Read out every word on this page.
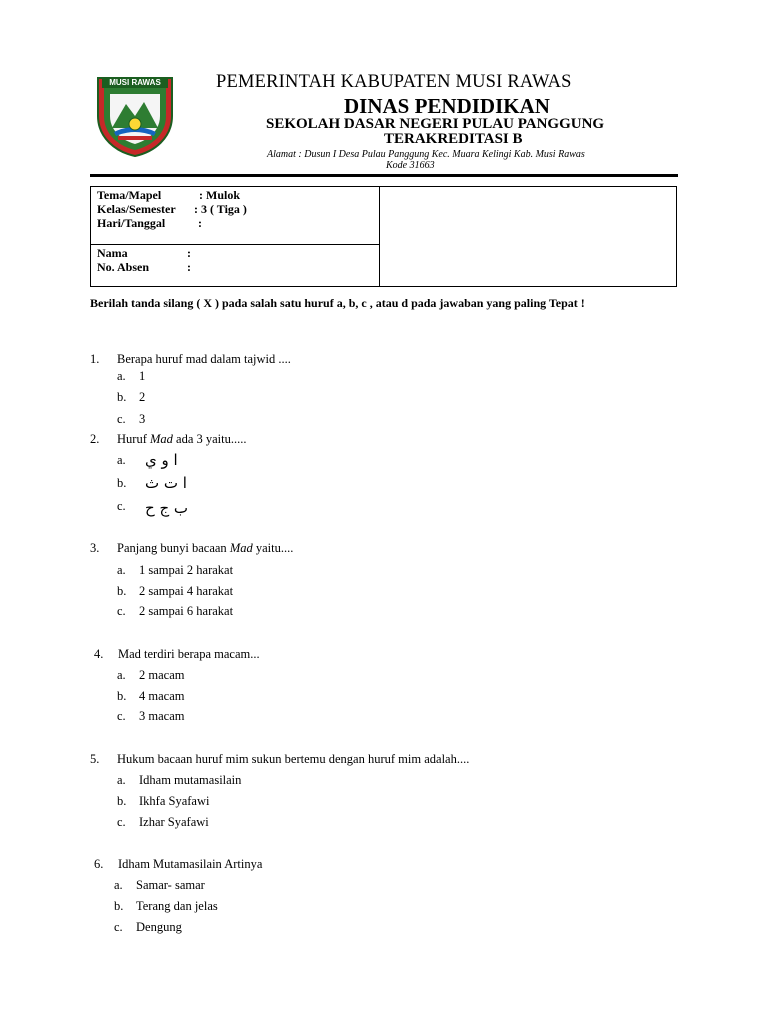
MUSI RAWAS	PEMERINTAH KABUPATEN MUSI RAWAS
DINAS PENDIDIKAN
SEKOLAH DASAR NEGERI PULAU PANGGUNG
TERAKREDITASI B
Alamat : Dusun I Desa Pulau Panggung Kec. Muara Kelingi Kab. Musi Rawas
Kode 31663
Tema/Mapel	: Mulok
Kelas/Semester : 3 ( Tiga )
Hari/Tanggal	:
Nama	:
No. Absen	:
Berilah tanda silang ( X ) pada salah satu huruf a, b, c , atau d pada jawaban yang paling Tepat !
1. Berapa huruf mad dalam tajwid ....
a. 1
b. 2
c. 3
2. Huruf Mad ada 3 yaitu.....
a. ا و ي
b. ا ت ث
c. ب ج ح
3. Panjang bunyi bacaan Mad yaitu....
a. 1 sampai 2 harakat
b. 2 sampai 4 harakat
c. 2 sampai 6 harakat
4. Mad terdiri berapa macam...
a. 2 macam
b. 4 macam
c. 3 macam
5. Hukum bacaan huruf mim sukun bertemu dengan huruf mim adalah....
a. Idham mutamasilain
b. Ikhfa Syafawi
c. Izhar Syafawi
6. Idham Mutamasilain Artinya
a. Samar- samar
b. Terang dan jelas
c. Dengung
